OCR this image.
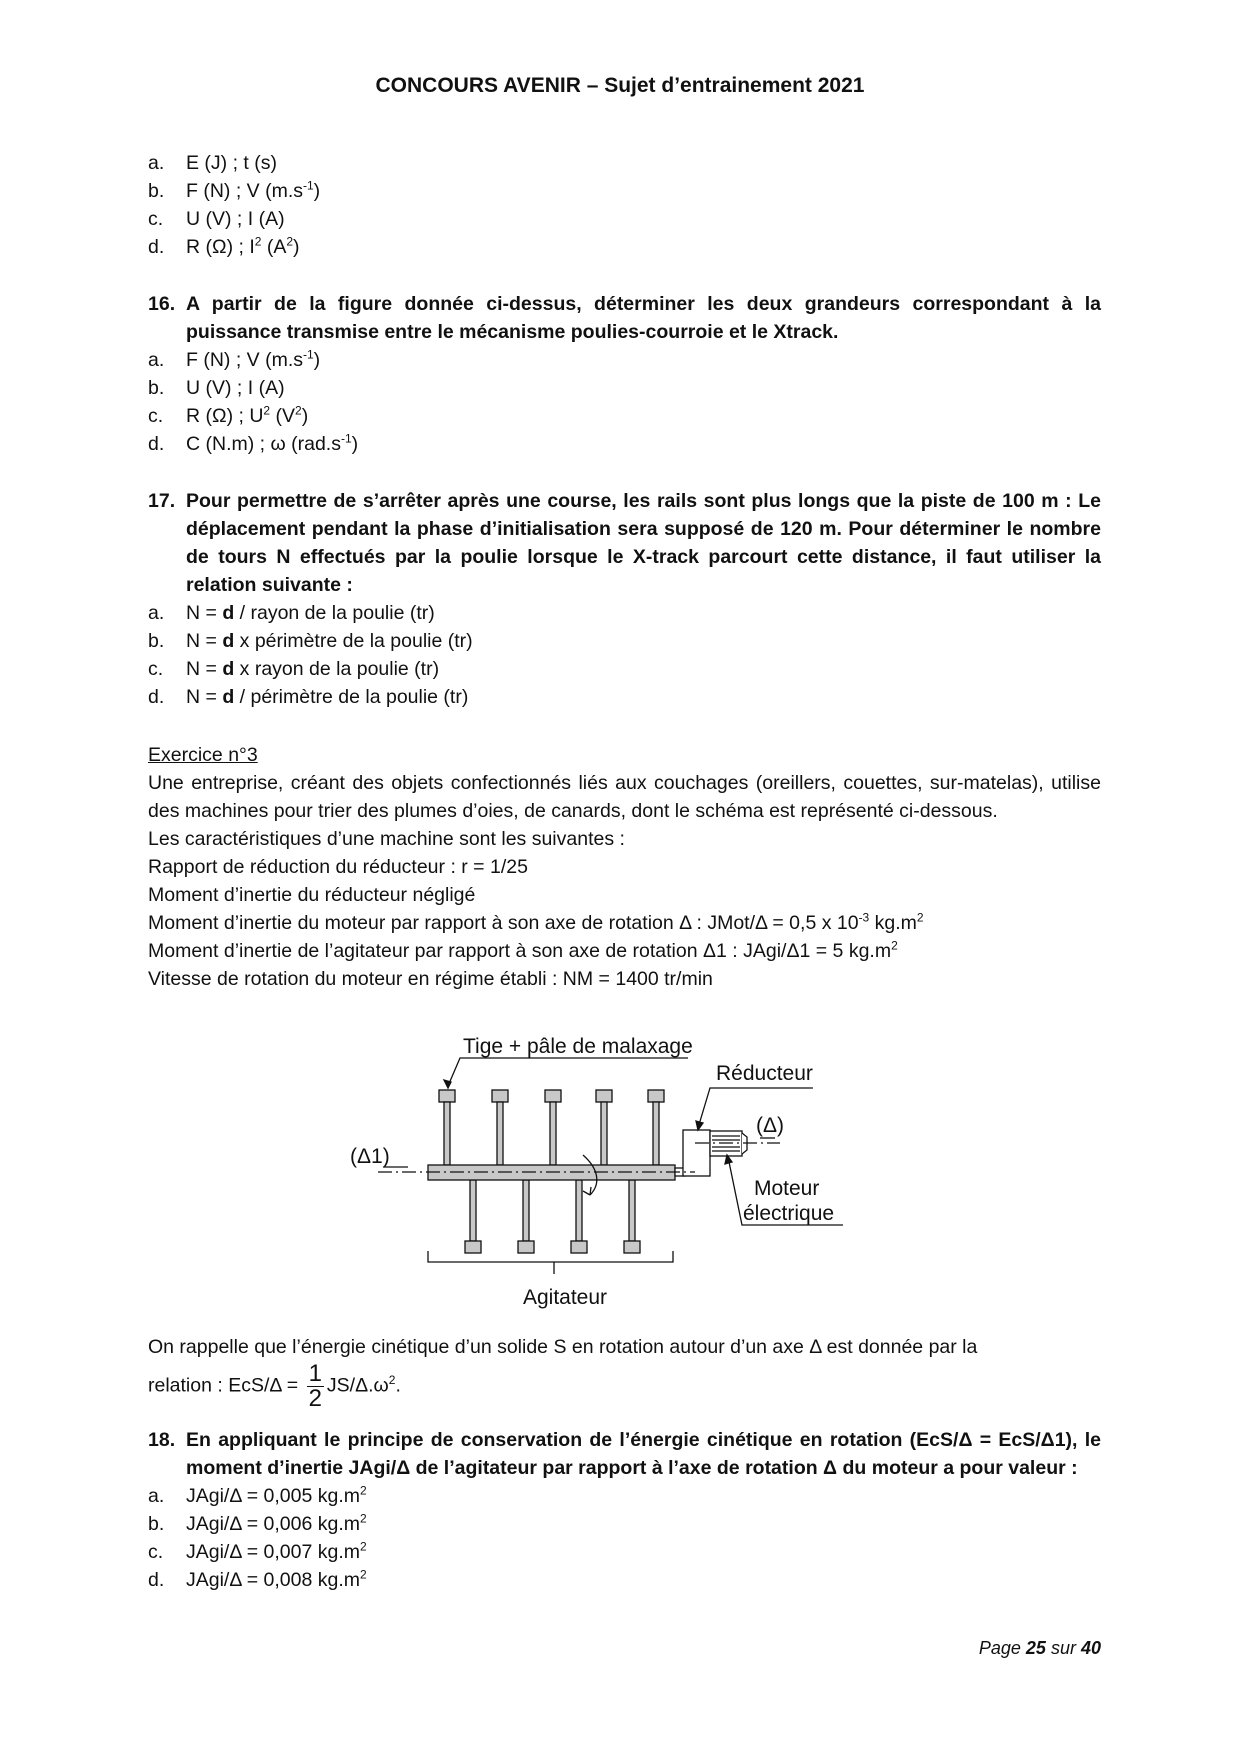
CONCOURS AVENIR – Sujet d’entrainement 2021
a.	E (J) ; t (s)
b.	F (N) ; V $(m.s^{-1})$
c.	U (V) ; I (A)
d.	R (Ω) ; $I^2$ $(A^2)$
16. A partir de la figure donnée ci-dessus, déterminer les deux grandeurs correspondant à la puissance transmise entre le mécanisme poulies-courroie et le Xtrack.
a.	F (N) ; V $(m.s^{-1})$
b.	U (V) ; I (A)
c.	R (Ω) ; $U^2$ $(V^2)$
d.	C (N.m) ; ω $(rad.s^{-1})$
17. Pour permettre de s’arrêter après une course, les rails sont plus longs que la piste de 100 m : Le déplacement pendant la phase d’initialisation sera supposé de 120 m. Pour déterminer le nombre de tours N effectués par la poulie lorsque le X-track parcourt cette distance, il faut utiliser la relation suivante :
a.	N = d / rayon de la poulie (tr)
b.	N = d x périmètre de la poulie (tr)
c.	N = d x rayon de la poulie (tr)
d.	N = d / périmètre de la poulie (tr)

Exercice n°3

Une entreprise, créant des objets confectionnés liés aux couchages (oreillers, couettes, sur-matelas), utilise des machines pour trier des plumes d’oies, de canards, dont le schéma est représenté ci-dessous.

Les caractéristiques d’une machine sont les suivantes :

Rapport de réduction du réducteur : r = 1/25

Moment d’inertie du réducteur négligé

Moment d’inertie du moteur par rapport à son axe de rotation Δ : JMot/Δ = 0,5 x $10^{-3}$ $kg.m^2$

Moment d’inertie de l’agitateur par rapport à son axe de rotation Δ1 : JAgi/Δ1 = 5 $kg.m^2$

Vitesse de rotation du moteur en régime établi : NM = 1400 tr/min

Tige + pâle de malaxage
Réducteur
(Δ)
(Δ1)
Moteur
électrique
Agitateur
On rappelle que l’énergie cinétique d’un solide S en rotation autour d’un axe Δ est donnée par la
relation : $EcS/\Delta = \frac{1}{2} JS/\Delta.\omega^2$.
18. En appliquant le principe de conservation de l’énergie cinétique en rotation (EcS/Δ = EcS/Δ1), le moment d’inertie JAgi/Δ de l’agitateur par rapport à l’axe de rotation Δ du moteur a pour valeur :
a.	JAgi/Δ = 0,005 $kg.m^2$
b.	JAgi/Δ = 0,006 $kg.m^2$
c.	JAgi/Δ = 0,007 $kg.m^2$
d.	JAgi/Δ = 0,008 $kg.m^2$
Page 25 sur 40
